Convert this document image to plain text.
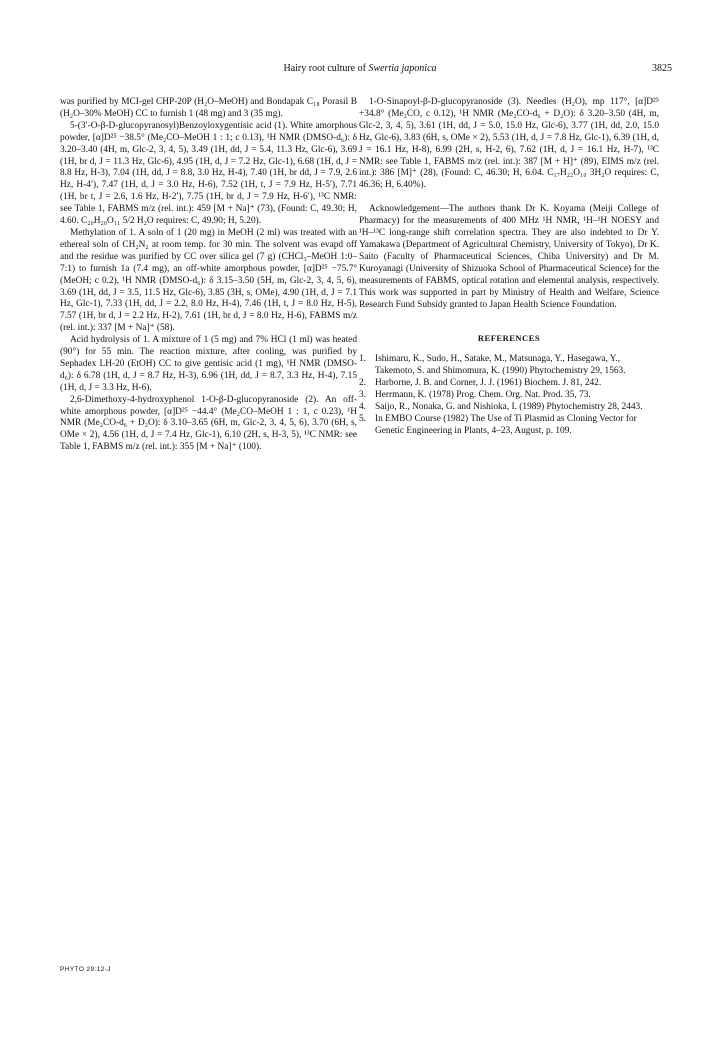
Hairy root culture of Swertia japonica	3825

was purified by MCI-gel CHP-20P (H₂O–MeOH) and Bondapak C₁₈ Porasil B (H₂O–30% MeOH) CC to furnish 1 (48 mg) and 3 (35 mg).

5-(3′-O-β-D-glucopyranosyl)Benzoyloxygentisic acid (1). White amorphous powder, [α]D²⁵ −38.5° (Me₂CO–MeOH 1 : 1; c 0.13), ¹H NMR (DMSO-d₆): δ 3.20–3.40 (4H, m, Glc-2, 3, 4, 5), 3.49 (1H, dd, J = 5.4, 11.3 Hz, Glc-6), 3.69 (1H, br d, J = 11.3 Hz, Glc-6), 4.95 (1H, d, J = 7.2 Hz, Glc-1), 6.68 (1H, d, J = 8.8 Hz, H-3), 7.04 (1H, dd, J = 8.8, 3.0 Hz, H-4), 7.40 (1H, br dd, J = 7.9, 2.6 Hz, H-4′), 7.47 (1H, d, J = 3.0 Hz, H-6), 7.52 (1H, t, J = 7.9 Hz, H-5′), 7.71 (1H, br t, J = 2.6, 1.6 Hz, H-2′), 7.75 (1H, br d, J = 7.9 Hz, H-6′), ¹³C NMR: see Table 1, FABMS m/z (rel. int.): 459 [M + Na]⁺ (73), (Found: C, 49.30; H, 4.60. C₂₀H₂₀O₁₁ 5/2 H₂O requires: C, 49.90; H, 5.20).

Methylation of 1. A soln of 1 (20 mg) in MeOH (2 ml) was treated with an ethereal soln of CH₂N₂ at room temp. for 30 min. The solvent was evapd off and the residue was purified by CC over silica gel (7 g) (CHCl₃–MeOH 1:0–7:1) to furnish 1a (7.4 mg), an off-white amorphous powder, [α]D²⁵ −75.7° (MeOH; c 0.2), ¹H NMR (DMSO-d₆): δ 3.15–3.50 (5H, m, Glc-2, 3, 4, 5, 6), 3.69 (1H, dd, J = 3.5, 11.5 Hz, Glc-6), 3.85 (3H, s, OMe), 4.90 (1H, d, J = 7.1 Hz, Glc-1), 7.33 (1H, dd, J = 2.2, 8.0 Hz, H-4), 7.46 (1H, t, J = 8.0 Hz, H-5), 7.57 (1H, br d, J = 2.2 Hz, H-2), 7.61 (1H, br d, J = 8.0 Hz, H-6), FABMS m/z (rel. int.): 337 [M + Na]⁺ (58).

Acid hydrolysis of 1. A mixture of 1 (5 mg) and 7% HCl (1 ml) was heated (90°) for 55 min. The reaction mixture, after cooling, was purified by Sephadex LH-20 (EtOH) CC to give gentisic acid (1 mg), ¹H NMR (DMSO-d₆): δ 6.78 (1H, d, J = 8.7 Hz, H-3), 6.96 (1H, dd, J = 8.7, 3.3 Hz, H-4), 7.15 (1H, d, J = 3.3 Hz, H-6).

2,6-Dimethoxy-4-hydroxyphenol 1-O-β-D-glucopyranoside (2). An off-white amorphous powder, [α]D²⁵ −44.4° (Me₂CO–MeOH 1 : 1, c 0.23), ¹H NMR (Me₂CO-d₆ + D₂O): δ 3.10–3.65 (6H, m, Glc-2, 3, 4, 5, 6), 3.70 (6H, s, OMe × 2), 4.56 (1H, d, J = 7.4 Hz, Glc-1), 6.10 (2H, s, H-3, 5), ¹³C NMR: see Table 1, FABMS m/z (rel. int.): 355 [M + Na]⁺ (100).

1-O-Sinapoyl-β-D-glucopyranoside (3). Needles (H₂O), mp 117°, [α]D²⁵ +34.8° (Me₂CO, c 0.12), ¹H NMR (Me₂CO-d₆ + D₂O): δ 3.20–3.50 (4H, m, Glc-2, 3, 4, 5), 3.61 (1H, dd, J = 5.0, 15.0 Hz, Glc-6), 3.77 (1H, dd, 2.0, 15.0 Hz, Glc-6), 3.83 (6H, s, OMe × 2), 5.53 (1H, d, J = 7.8 Hz, Glc-1), 6.39 (1H, d, J = 16.1 Hz, H-8), 6.99 (2H, s, H-2, 6), 7.62 (1H, d, J = 16.1 Hz, H-7), ¹³C NMR: see Table 1, FABMS m/z (rel. int.): 387 [M + H]⁺ (89), EIMS m/z (rel. int.): 386 [M]⁺ (28), (Found: C, 46.30; H, 6.04. C₁₇H₂₂O₁₀ 3H₂O requires: C, 46.36; H, 6.40%).

Acknowledgement—The authors thank Dr K. Koyama (Meiji College of Pharmacy) for the measurements of 400 MHz ¹H NMR, ¹H–¹H NOESY and ¹H–¹³C long-range shift correlation spectra. They are also indebted to Dr Y. Yamakawa (Department of Agricultural Chemistry, University of Tokyo), Dr K. Saito (Faculty of Pharmaceutical Sciences, Chiba University) and Dr M. Kuroyanagi (University of Shizuoka School of Pharmaceutical Science) for the measurements of FABMS, optical rotation and elemental analysis, respectively. This work was supported in part by Ministry of Health and Welfare, Science Research Fund Subsidy granted to Japan Health Science Foundation.

REFERENCES

1. Ishimaru, K., Sudo, H., Satake, M., Matsunaga, Y., Hasegawa, Y., Takemoto, S. and Shimomura, K. (1990) Phytochemistry 29, 1563.
2. Harborne, J. B. and Corner, J. J. (1961) Biochem. J. 81, 242.
3. Herrmann, K. (1978) Prog. Chem. Org. Nat. Prod. 35, 73.
4. Saijo, R., Nonaka, G. and Nishioka, I. (1989) Phytochemistry 28, 2443.
5. In EMBO Course (1982) The Use of Ti Plasmid as Cloning Vector for Genetic Engineering in Plants, 4–23, August, p. 109.
PHYTO 29:12-J
